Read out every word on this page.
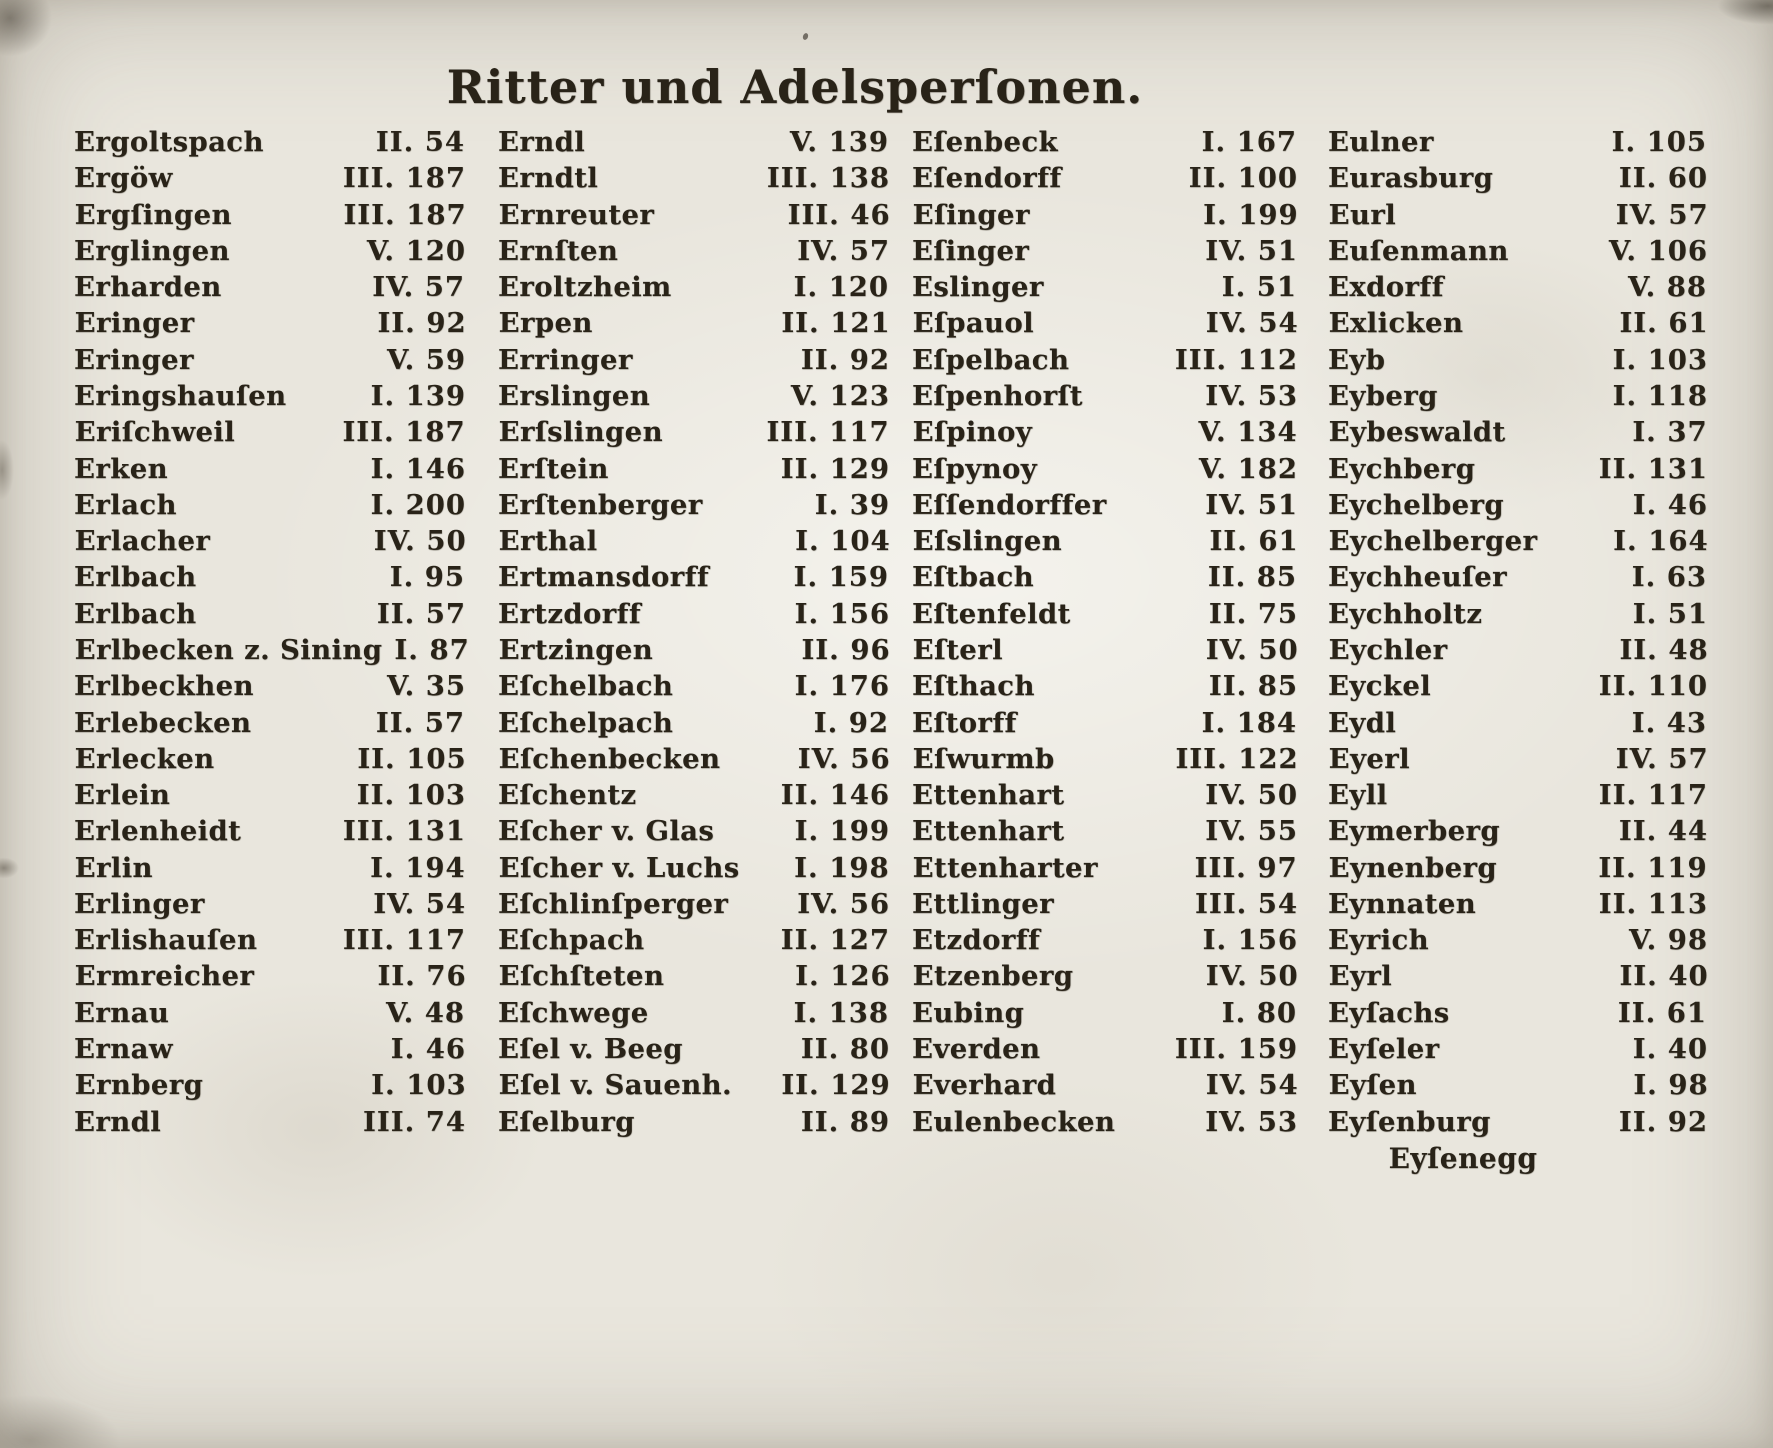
Ritter und Adelsperſonen.
Ergoltspach	II. 54
Ergöw	III. 187
Ergſingen	III. 187
Erglingen	V. 120
Erharden	IV. 57
Eringer	II. 92
Eringer	V. 59
Eringshauſen	I. 139
Eriſchweil	III. 187
Erken	I. 146
Erlach	I. 200
Erlacher	IV. 50
Erlbach	I. 95
Erlbach	II. 57
Erlbecken z. Sining I. 87
Erlbeckhen	V. 35
Erlebecken	II. 57
Erlecken	II. 105
Erlein	II. 103
Erlenheidt	III. 131
Erlin	I. 194
Erlinger	IV. 54
Erlishauſen	III. 117
Ermreicher	II. 76
Ernau	V. 48
Ernaw	I. 46
Ernberg	I. 103
Erndl	III. 74
Erndl	V. 139
Erndtl	III. 138
Ernreuter	III. 46
Ernſten	IV. 57
Eroltzheim	I. 120
Erpen	II. 121
Erringer	II. 92
Erslingen	V. 123
Erſslingen	III. 117
Erſtein	II. 129
Erſtenberger	I. 39
Erthal	I. 104
Ertmansdorff	I. 159
Ertzdorff	I. 156
Ertzingen	II. 96
Eſchelbach	I. 176
Eſchelpach	I. 92
Eſchenbecken	IV. 56
Eſchentz	II. 146
Eſcher v. Glas	I. 199
Eſcher v. Luchs	I. 198
Eſchlinſperger	IV. 56
Eſchpach	II. 127
Eſchſteten	I. 126
Eſchwege	I. 138
Eſel v. Beeg	II. 80
Eſel v. Sauenh.	II. 129
Eſelburg	II. 89
Eſenbeck	I. 167
Eſendorff	II. 100
Eſinger	I. 199
Eſinger	IV. 51
Eslinger	I. 51
Eſpauol	IV. 54
Eſpelbach	III. 112
Eſpenhorſt	IV. 53
Eſpinoy	V. 134
Eſpynoy	V. 182
Eſſendorffer	IV. 51
Eſslingen	II. 61
Eſtbach	II. 85
Eſtenfeldt	II. 75
Eſterl	IV. 50
Eſthach	II. 85
Eſtorff	I. 184
Eſwurmb	III. 122
Ettenhart	IV. 50
Ettenhart	IV. 55
Ettenharter	III. 97
Ettlinger	III. 54
Etzdorff	I. 156
Etzenberg	IV. 50
Eubing	I. 80
Everden	III. 159
Everhard	IV. 54
Eulenbecken	IV. 53
Eulner	I. 105
Eurasburg	II. 60
Eurl	IV. 57
Euſenmann	V. 106
Exdorff	V. 88
Exlicken	II. 61
Eyb	I. 103
Eyberg	I. 118
Eybeswaldt	I. 37
Eychberg	II. 131
Eychelberg	I. 46
Eychelberger	I. 164
Eychheuſer	I. 63
Eychholtz	I. 51
Eychler	II. 48
Eyckel	II. 110
Eydl	I. 43
Eyerl	IV. 57
Eyll	II. 117
Eymerberg	II. 44
Eynenberg	II. 119
Eynnaten	II. 113
Eyrich	V. 98
Eyrl	II. 40
Eyſachs	II. 61
Eyſeler	I. 40
Eyſen	I. 98
Eyſenburg	II. 92
Eyſenegg
